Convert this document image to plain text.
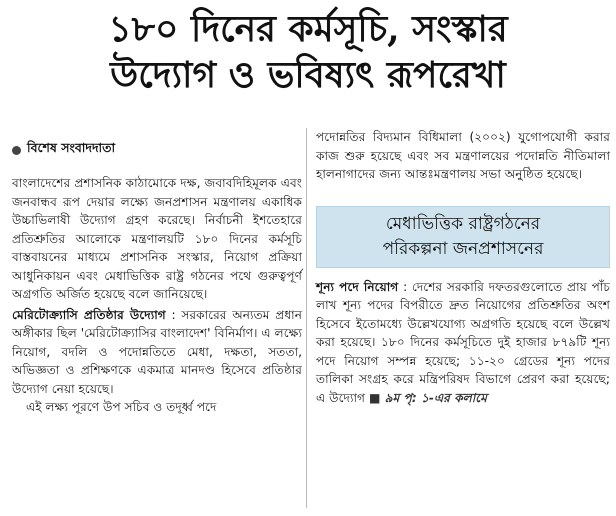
১৮০ দিনের কর্মসূচি, সংস্কার
উদ্যোগ ও ভবিষ্যৎ রূপরেখা
বিশেষ সংবাদদাতা

বাংলাদেশের প্রশাসনিক কাঠামোকে দক্ষ, জবাবদিহিমূলক এবং জনবান্ধব রূপ দেয়ার লক্ষ্যে জনপ্রশাসন মন্ত্রণালয় একাধিক উচ্চাভিলাষী উদ্যোগ গ্রহণ করেছে। নির্বাচনী ইশতেহারে প্রতিশ্রুতির আলোকে মন্ত্রণালয়টি ১৮০ দিনের কর্মসূচি বাস্তবায়নের মাধ্যমে প্রশাসনিক সংস্কার, নিয়োগ প্রক্রিয়া আধুনিকায়ন এবং মেধাভিত্তিক রাষ্ট্র গঠনের পথে গুরুত্বপূর্ণ অগ্রগতি অর্জিত হয়েছে বলে জানিয়েছে।

মেরিটোক্র্যাসি প্রতিষ্ঠার উদ্যোগ : সরকারের অন্যতম প্রধান অঙ্গীকার ছিল 'মেরিটোক্র্যাসির বাংলাদেশ' বিনির্মাণ। এ লক্ষ্যে নিয়োগ, বদলি ও পদোন্নতিতে মেধা, দক্ষতা, সততা, অভিজ্ঞতা ও প্রশিক্ষণকে একমাত্র মানদণ্ড হিসেবে প্রতিষ্ঠার উদ্যোগ নেয়া হয়েছে।

এই লক্ষ্য পূরণে উপ সচিব ও তদূর্ধ্ব পদে

পদোন্নতির বিদ্যমান বিধিমালা (২০০২) যুগোপযোগী করার কাজ শুরু হয়েছে এবং সব মন্ত্রণালয়ের পদোন্নতি নীতিমালা হালনাগাদের জন্য আন্তঃমন্ত্রণালয় সভা অনুষ্ঠিত হয়েছে।

মেধাভিত্তিক রাষ্ট্রগঠনের
পরিকল্পনা জনপ্রশাসনের

শূন্য পদে নিয়োগ : দেশের সরকারি দফতরগুলোতে প্রায় পাঁচ লাখ শূন্য পদের বিপরীতে দ্রুত নিয়োগের প্রতিশ্রুতির অংশ হিসেবে ইতোমধ্যে উল্লেখযোগ্য অগ্রগতি হয়েছে বলে উল্লেখ করা হয়েছে। ১৮০ দিনের কর্মসূচিতে দুই হাজার ৮৭৯টি শূন্য পদে নিয়োগ সম্পন্ন হয়েছে; ১১-২০ গ্রেডের শূন্য পদের তালিকা সংগ্রহ করে মন্ত্রিপরিষদ বিভাগে প্রেরণ করা হয়েছে; এ উদ্যোগ ■ ৯ম পৃ: ১-এর কলামে
